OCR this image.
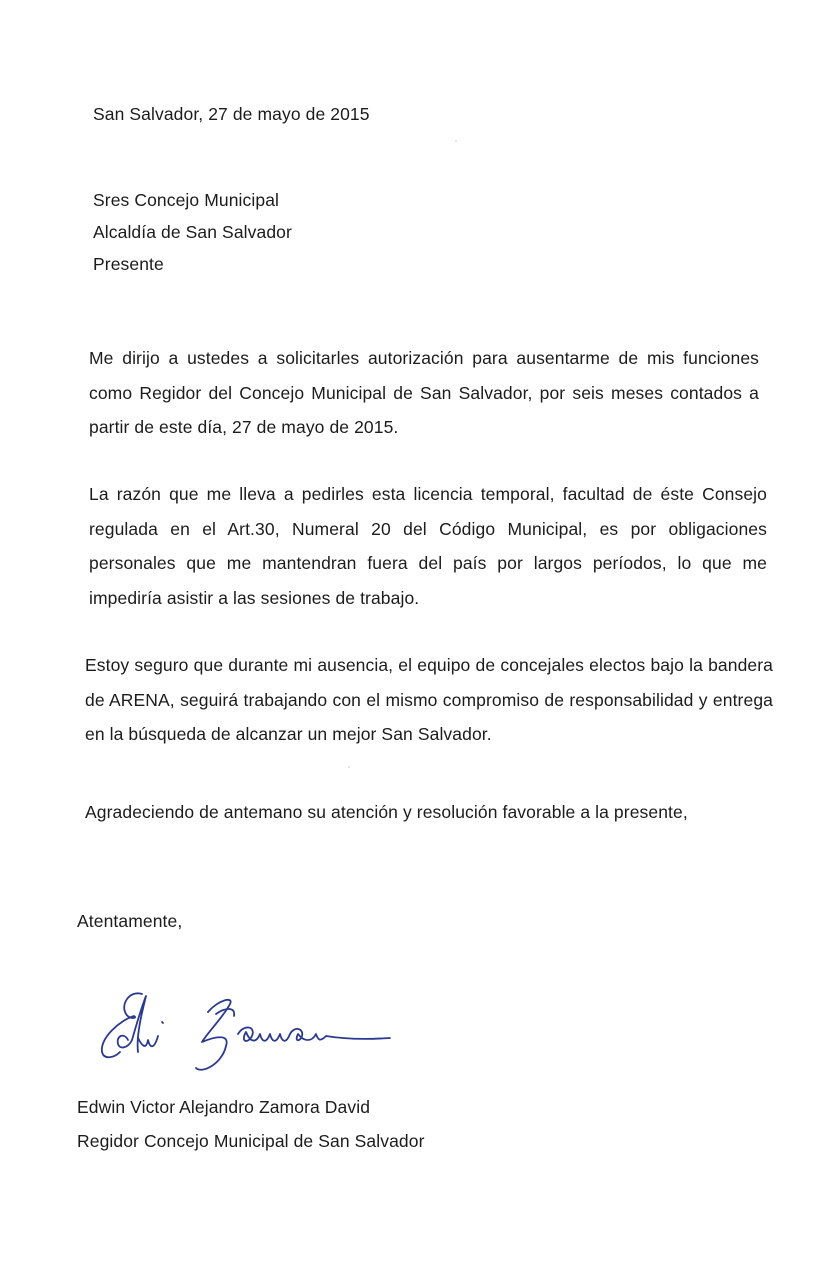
San Salvador, 27 de mayo de 2015
Sres Concejo Municipal
Alcaldía de San Salvador
Presente
Me dirijo a ustedes a solicitarles autorización para ausentarme de mis funciones como Regidor del Concejo Municipal de San Salvador, por seis meses contados a partir de este día, 27 de mayo de 2015.
La razón que me lleva a pedirles esta licencia temporal, facultad de éste Consejo regulada en el Art.30, Numeral 20 del Código Municipal, es por obligaciones personales que me mantendran fuera del país por largos períodos, lo que me impediría asistir a las sesiones de trabajo.
Estoy seguro que durante mi ausencia, el equipo de concejales electos bajo la bandera de ARENA, seguirá trabajando con el mismo compromiso de responsabilidad y entrega en la búsqueda de alcanzar un mejor San Salvador.
Agradeciendo de antemano su atención y resolución favorable a la presente,
Atentamente,
Edwin Victor Alejandro Zamora David
Regidor Concejo Municipal de San Salvador
